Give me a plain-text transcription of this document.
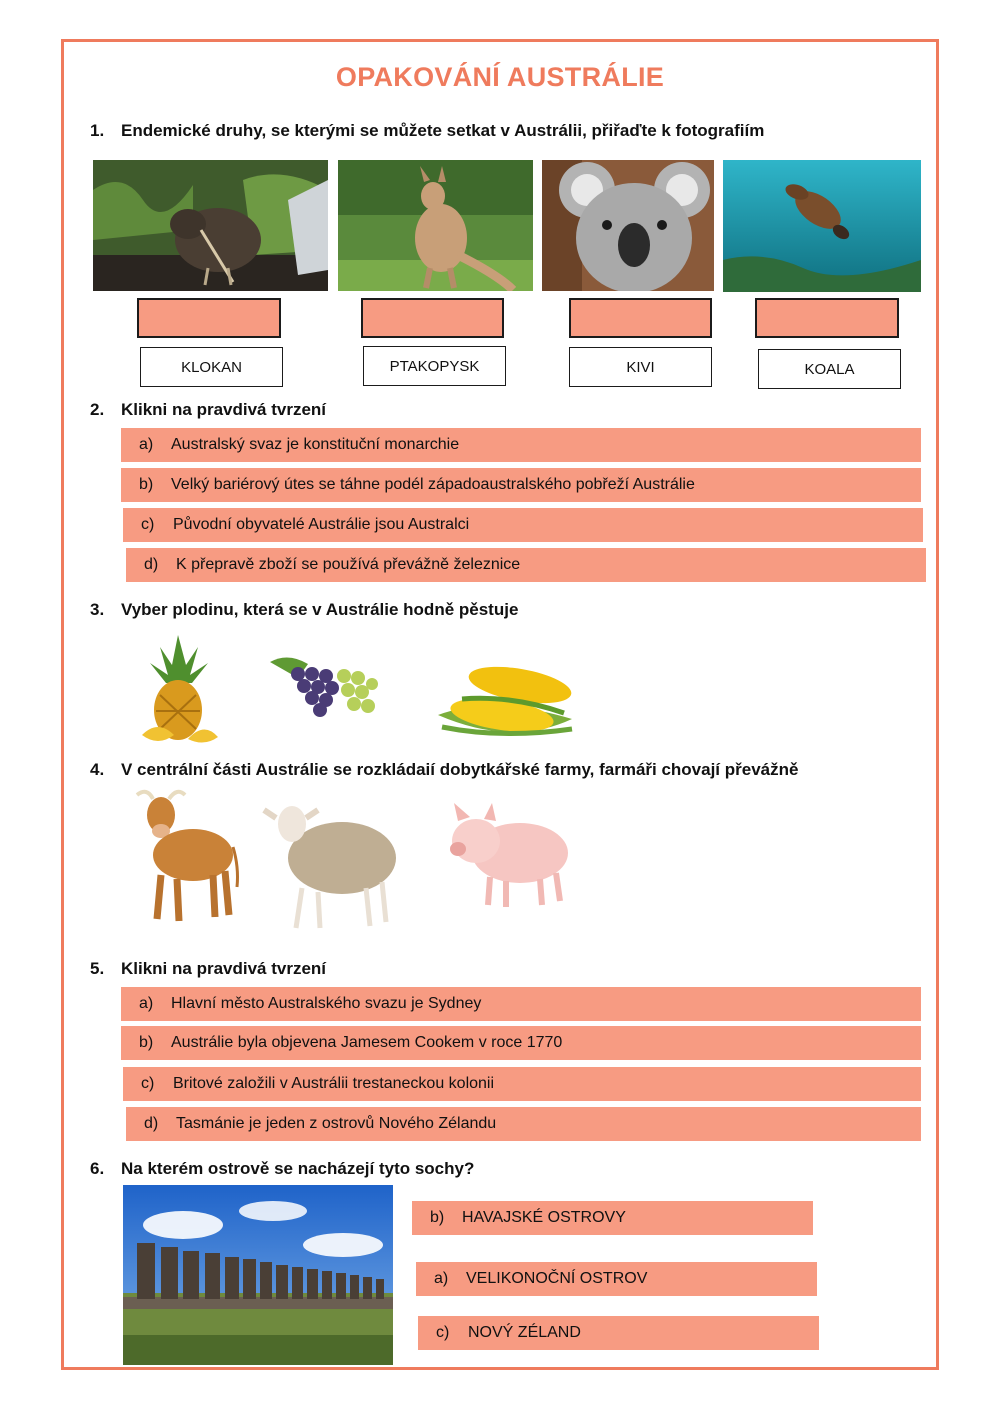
OPAKOVÁNÍ AUSTRÁLIE
1. Endemické druhy, se kterými se můžete setkat v Austrálii, přiřaďte k fotografiím
KLOKAN	PTAKOPYSK	KIVI	KOALA
2. Klikni na pravdivá tvrzení
a)	Australský svaz je konstituční monarchie
b)	Velký bariérový útes se táhne podél západoaustralského pobřeží Austrálie
c)	Původní obyvatelé Austrálie jsou Australci
d)	K přepravě zboží se používá převážně železnice
3. Vyber plodinu, která se v Austrálie hodně pěstuje
4. V centrální části Austrálie se rozkládaií dobytkářské farmy, farmáři chovají převážně
5. Klikni na pravdivá tvrzení
a)	Hlavní město Australského svazu je Sydney
b)	Austrálie byla objevena Jamesem Cookem v roce 1770
c)	Britové založili v Austrálii trestaneckou kolonii
d)	Tasmánie je jeden z ostrovů Nového Zélandu
6. Na kterém ostrově se nacházejí tyto sochy?
b)	HAVAJSKÉ OSTROVY
a)	VELIKONOČNÍ OSTROV
c)	NOVÝ ZÉLAND
